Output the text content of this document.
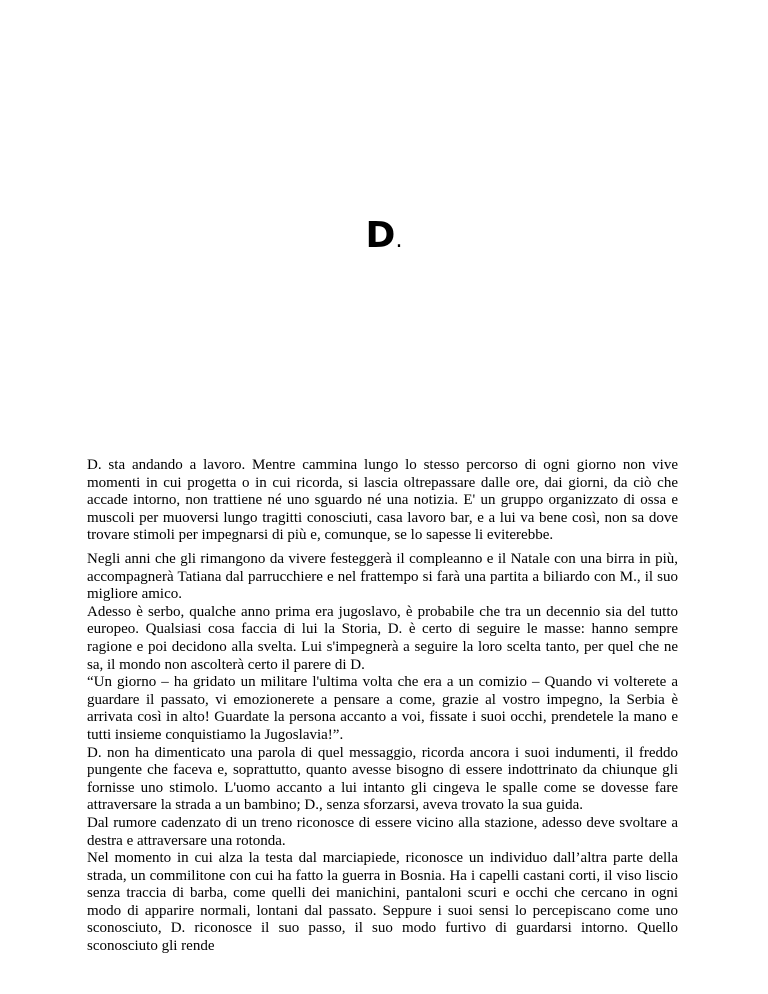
D.

D. sta andando a lavoro. Mentre cammina lungo lo stesso percorso di ogni giorno non vive momenti in cui progetta o in cui ricorda, si lascia oltrepassare dalle ore, dai giorni, da ciò che accade intorno, non trattiene né uno sguardo né una notizia. E' un gruppo organizzato di ossa e muscoli per muoversi lungo tragitti conosciuti, casa lavoro bar, e a lui va bene così, non sa dove trovare stimoli per impegnarsi di più e, comunque, se lo sapesse li eviterebbe.

Negli anni che gli rimangono da vivere festeggerà il compleanno e il Natale con una birra in più, accompagnerà Tatiana dal parrucchiere e nel frattempo si farà una partita a biliardo con M., il suo migliore amico.

Adesso è serbo, qualche anno prima era jugoslavo, è probabile che tra un decennio sia del tutto europeo. Qualsiasi cosa faccia di lui la Storia, D. è certo di seguire le masse: hanno sempre ragione e poi decidono alla svelta. Lui s'impegnerà a seguire la loro scelta tanto, per quel che ne sa, il mondo non ascolterà certo il parere di D.

“Un giorno – ha gridato un militare l'ultima volta che era a un comizio – Quando vi volterete a guardare il passato, vi emozionerete a pensare a come, grazie al vostro impegno, la Serbia è arrivata così in alto! Guardate la persona accanto a voi, fissate i suoi occhi, prendetele la mano e tutti insieme conquistiamo la Jugoslavia!”.

D. non ha dimenticato una parola di quel messaggio, ricorda ancora i suoi indumenti, il freddo pungente che faceva e, soprattutto, quanto avesse bisogno di essere indottrinato da chiunque gli fornisse uno stimolo. L'uomo accanto a lui intanto gli cingeva le spalle come se dovesse fare attraversare la strada a un bambino; D., senza sforzarsi, aveva trovato la sua guida.

Dal rumore cadenzato di un treno riconosce di essere vicino alla stazione, adesso deve svoltare a destra e attraversare una rotonda.

Nel momento in cui alza la testa dal marciapiede, riconosce un individuo dall’altra parte della strada, un commilitone con cui ha fatto la guerra in Bosnia. Ha i capelli castani corti, il viso liscio senza traccia di barba, come quelli dei manichini, pantaloni scuri e occhi che cercano in ogni modo di apparire normali, lontani dal passato. Seppure i suoi sensi lo percepiscano come uno sconosciuto, D. riconosce il suo passo, il suo modo furtivo di guardarsi intorno. Quello sconosciuto gli rende
